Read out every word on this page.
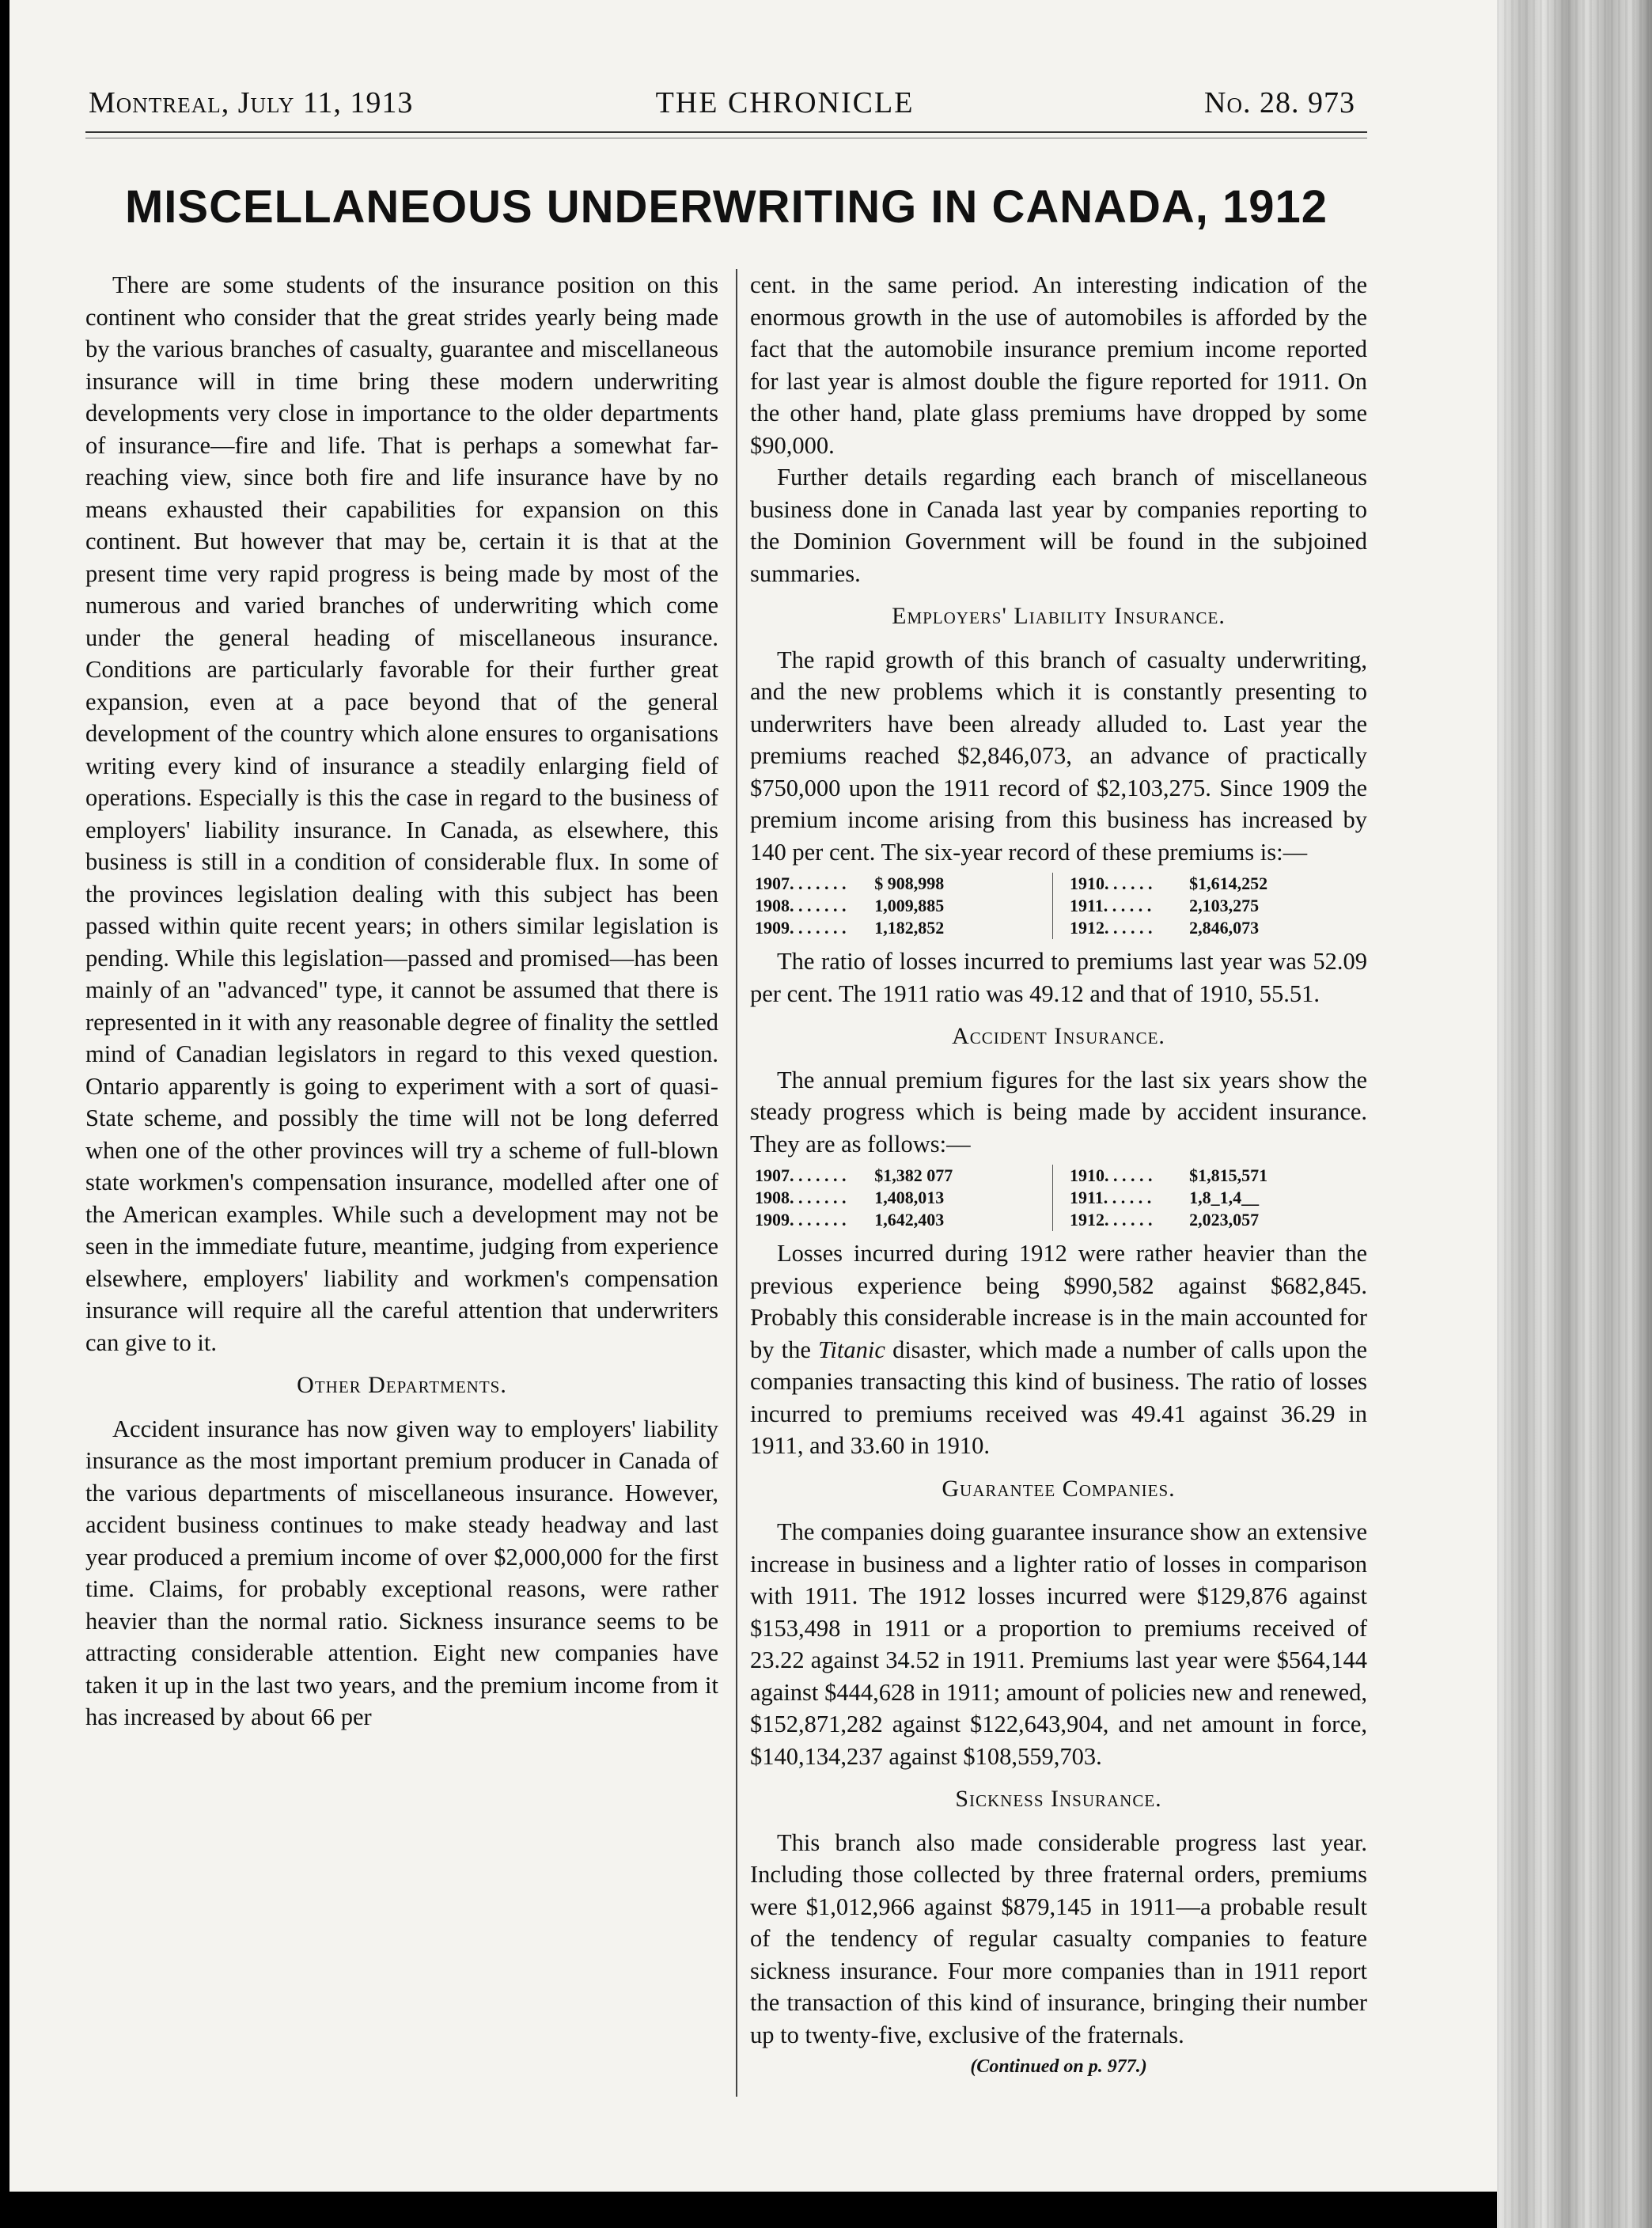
Montreal, July 11, 1913	THE CHRONICLE	No. 28. 973
MISCELLANEOUS UNDERWRITING IN CANADA, 1912

There are some students of the insurance position on this continent who consider that the great strides yearly being made by the various branches of casualty, guarantee and miscellaneous insurance will in time bring these modern underwriting developments very close in importance to the older departments of insurance—fire and life. That is perhaps a somewhat far-reaching view, since both fire and life insurance have by no means exhausted their capabilities for expansion on this continent. But however that may be, certain it is that at the present time very rapid progress is being made by most of the numerous and varied branches of underwriting which come under the general heading of miscellaneous insurance. Conditions are particularly favorable for their further great expansion, even at a pace beyond that of the general development of the country which alone ensures to organisations writing every kind of insurance a steadily enlarging field of operations. Especially is this the case in regard to the business of employers' liability insurance. In Canada, as elsewhere, this business is still in a condition of considerable flux. In some of the provinces legislation dealing with this subject has been passed within quite recent years; in others similar legislation is pending. While this legislation—passed and promised—has been mainly of an "advanced" type, it cannot be assumed that there is represented in it with any reasonable degree of finality the settled mind of Canadian legislators in regard to this vexed question. Ontario apparently is going to experiment with a sort of quasi-State scheme, and possibly the time will not be long deferred when one of the other provinces will try a scheme of full-blown state workmen's compensation insurance, modelled after one of the American examples. While such a development may not be seen in the immediate future, meantime, judging from experience elsewhere, employers' liability and workmen's compensation insurance will require all the careful attention that underwriters can give to it.

Other Departments.

Accident insurance has now given way to employers' liability insurance as the most important premium producer in Canada of the various departments of miscellaneous insurance. However, accident business continues to make steady headway and last year produced a premium income of over $2,000,000 for the first time. Claims, for probably exceptional reasons, were rather heavier than the normal ratio. Sickness insurance seems to be attracting considerable attention. Eight new companies have taken it up in the last two years, and the premium income from it has increased by about 66 per

cent. in the same period. An interesting indication of the enormous growth in the use of automobiles is afforded by the fact that the automobile insurance premium income reported for last year is almost double the figure reported for 1911. On the other hand, plate glass premiums have dropped by some $90,000.

Further details regarding each branch of miscellaneous business done in Canada last year by companies reporting to the Dominion Government will be found in the subjoined summaries.

Employers' Liability Insurance.

The rapid growth of this branch of casualty underwriting, and the new problems which it is constantly presenting to underwriters have been already alluded to. Last year the premiums reached $2,846,073, an advance of practically $750,000 upon the 1911 record of $2,103,275. Since 1909 the premium income arising from this business has increased by 140 per cent. The six-year record of these premiums is:—

1907. . . . . . .	$ 908,998		1910. . . . . .	$1,614,252
1908. . . . . . .	1,009,885		1911. . . . . .	2,103,275
1909. . . . . . .	1,182,852		1912. . . . . .	2,846,073

The ratio of losses incurred to premiums last year was 52.09 per cent. The 1911 ratio was 49.12 and that of 1910, 55.51.

Accident Insurance.

The annual premium figures for the last six years show the steady progress which is being made by accident insurance. They are as follows:—

1907. . . . . . .	$1,382 077		1910. . . . . .	$1,815,571
1908. . . . . . .	1,408,013		1911. . . . . .	1,8_1,4__
1909. . . . . . .	1,642,403		1912. . . . . .	2,023,057

Losses incurred during 1912 were rather heavier than the previous experience being $990,582 against $682,845. Probably this considerable increase is in the main accounted for by the Titanic disaster, which made a number of calls upon the companies transacting this kind of business. The ratio of losses incurred to premiums received was 49.41 against 36.29 in 1911, and 33.60 in 1910.

Guarantee Companies.

The companies doing guarantee insurance show an extensive increase in business and a lighter ratio of losses in comparison with 1911. The 1912 losses incurred were $129,876 against $153,498 in 1911 or a proportion to premiums received of 23.22 against 34.52 in 1911. Premiums last year were $564,144 against $444,628 in 1911; amount of policies new and renewed, $152,871,282 against $122,643,904, and net amount in force, $140,134,237 against $108,559,703.

Sickness Insurance.

This branch also made considerable progress last year. Including those collected by three fraternal orders, premiums were $1,012,966 against $879,145 in 1911—a probable result of the tendency of regular casualty companies to feature sickness insurance. Four more companies than in 1911 report the transaction of this kind of insurance, bringing their number up to twenty-five, exclusive of the fraternals.

(Continued on p. 977.)
